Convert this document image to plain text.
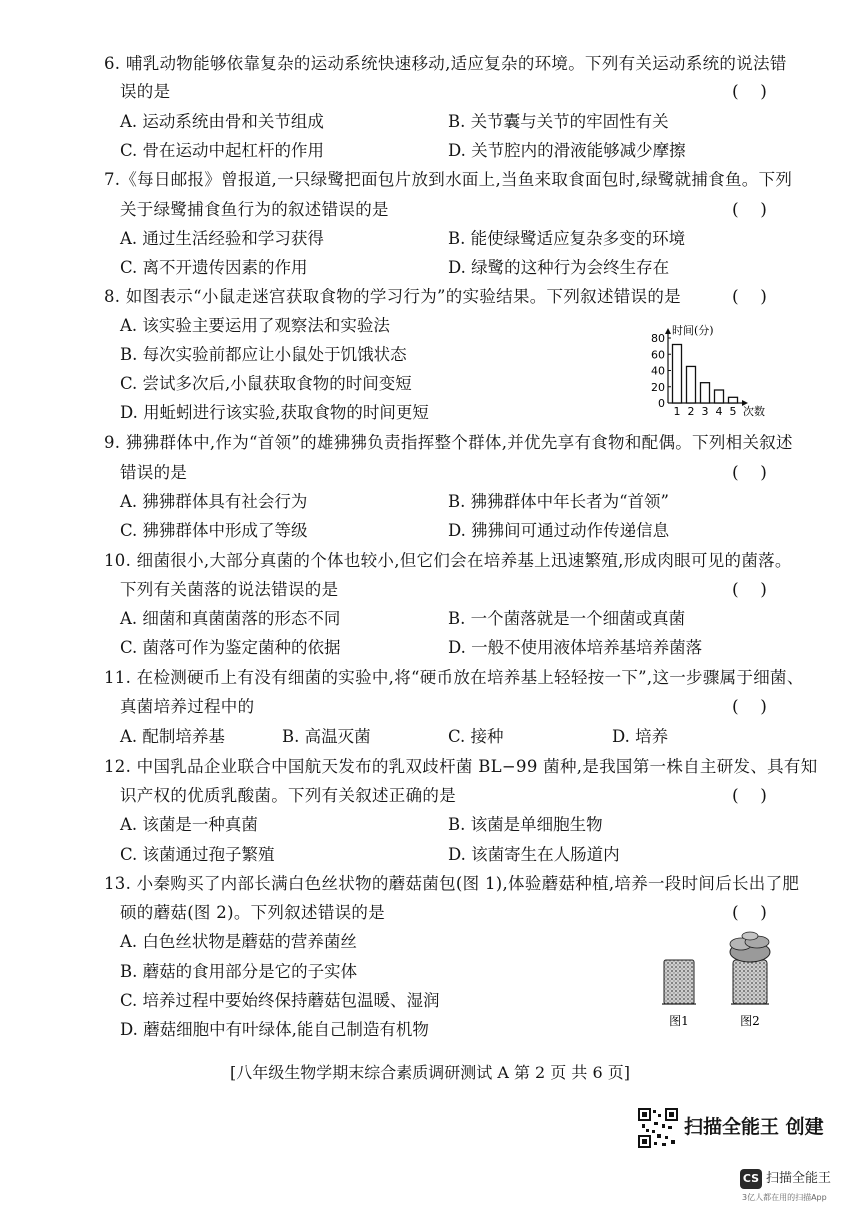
6. 哺乳动物能够依靠复杂的运动系统快速移动,适应复杂的环境。下列有关运动系统的说法错
误的是	(    )
A. 运动系统由骨和关节组成	B. 关节囊与关节的牢固性有关
C. 骨在运动中起杠杆的作用	D. 关节腔内的滑液能够减少摩擦
7.《每日邮报》曾报道,一只绿鹭把面包片放到水面上,当鱼来取食面包时,绿鹭就捕食鱼。下列
关于绿鹭捕食鱼行为的叙述错误的是	(    )
A. 通过生活经验和学习获得	B. 能使绿鹭适应复杂多变的环境
C. 离不开遗传因素的作用	D. 绿鹭的这种行为会终生存在
8. 如图表示“小鼠走迷宫获取食物的学习行为”的实验结果。下列叙述错误的是	(    )
A. 该实验主要运用了观察法和实验法
B. 每次实验前都应让小鼠处于饥饿状态
C. 尝试多次后,小鼠获取食物的时间变短
D. 用蚯蚓进行该实验,获取食物的时间更短	0
20
40
60
80
1 2 3 4 5
时间(分)
次数
9. 狒狒群体中,作为“首领”的雄狒狒负责指挥整个群体,并优先享有食物和配偶。下列相关叙述
错误的是	(    )
A. 狒狒群体具有社会行为	B. 狒狒群体中年长者为“首领”
C. 狒狒群体中形成了等级	D. 狒狒间可通过动作传递信息
10. 细菌很小,大部分真菌的个体也较小,但它们会在培养基上迅速繁殖,形成肉眼可见的菌落。
下列有关菌落的说法错误的是	(    )
A. 细菌和真菌菌落的形态不同	B. 一个菌落就是一个细菌或真菌
C. 菌落可作为鉴定菌种的依据	D. 一般不使用液体培养基培养菌落
11. 在检测硬币上有没有细菌的实验中,将“硬币放在培养基上轻轻按一下”,这一步骤属于细菌、
真菌培养过程中的	(    )
A. 配制培养基	B. 高温灭菌	C. 接种	D. 培养
12. 中国乳品企业联合中国航天发布的乳双歧杆菌 BL−99 菌种,是我国第一株自主研发、具有知
识产权的优质乳酸菌。下列有关叙述正确的是	(    )
A. 该菌是一种真菌	B. 该菌是单细胞生物
C. 该菌通过孢子繁殖	D. 该菌寄生在人肠道内
13. 小秦购买了内部长满白色丝状物的蘑菇菌包(图 1),体验蘑菇种植,培养一段时间后长出了肥
硕的蘑菇(图 2)。下列叙述错误的是	(    )
A. 白色丝状物是蘑菇的营养菌丝
B. 蘑菇的食用部分是它的子实体
C. 培养过程中要始终保持蘑菇包温暖、湿润
D. 蘑菇细胞中有叶绿体,能自己制造有机物	图1	图2
[八年级生物学期末综合素质调研测试 A 第 2 页 共 6 页]
扫描全能王 创建
CS 扫描全能王
3亿人都在用的扫描App
